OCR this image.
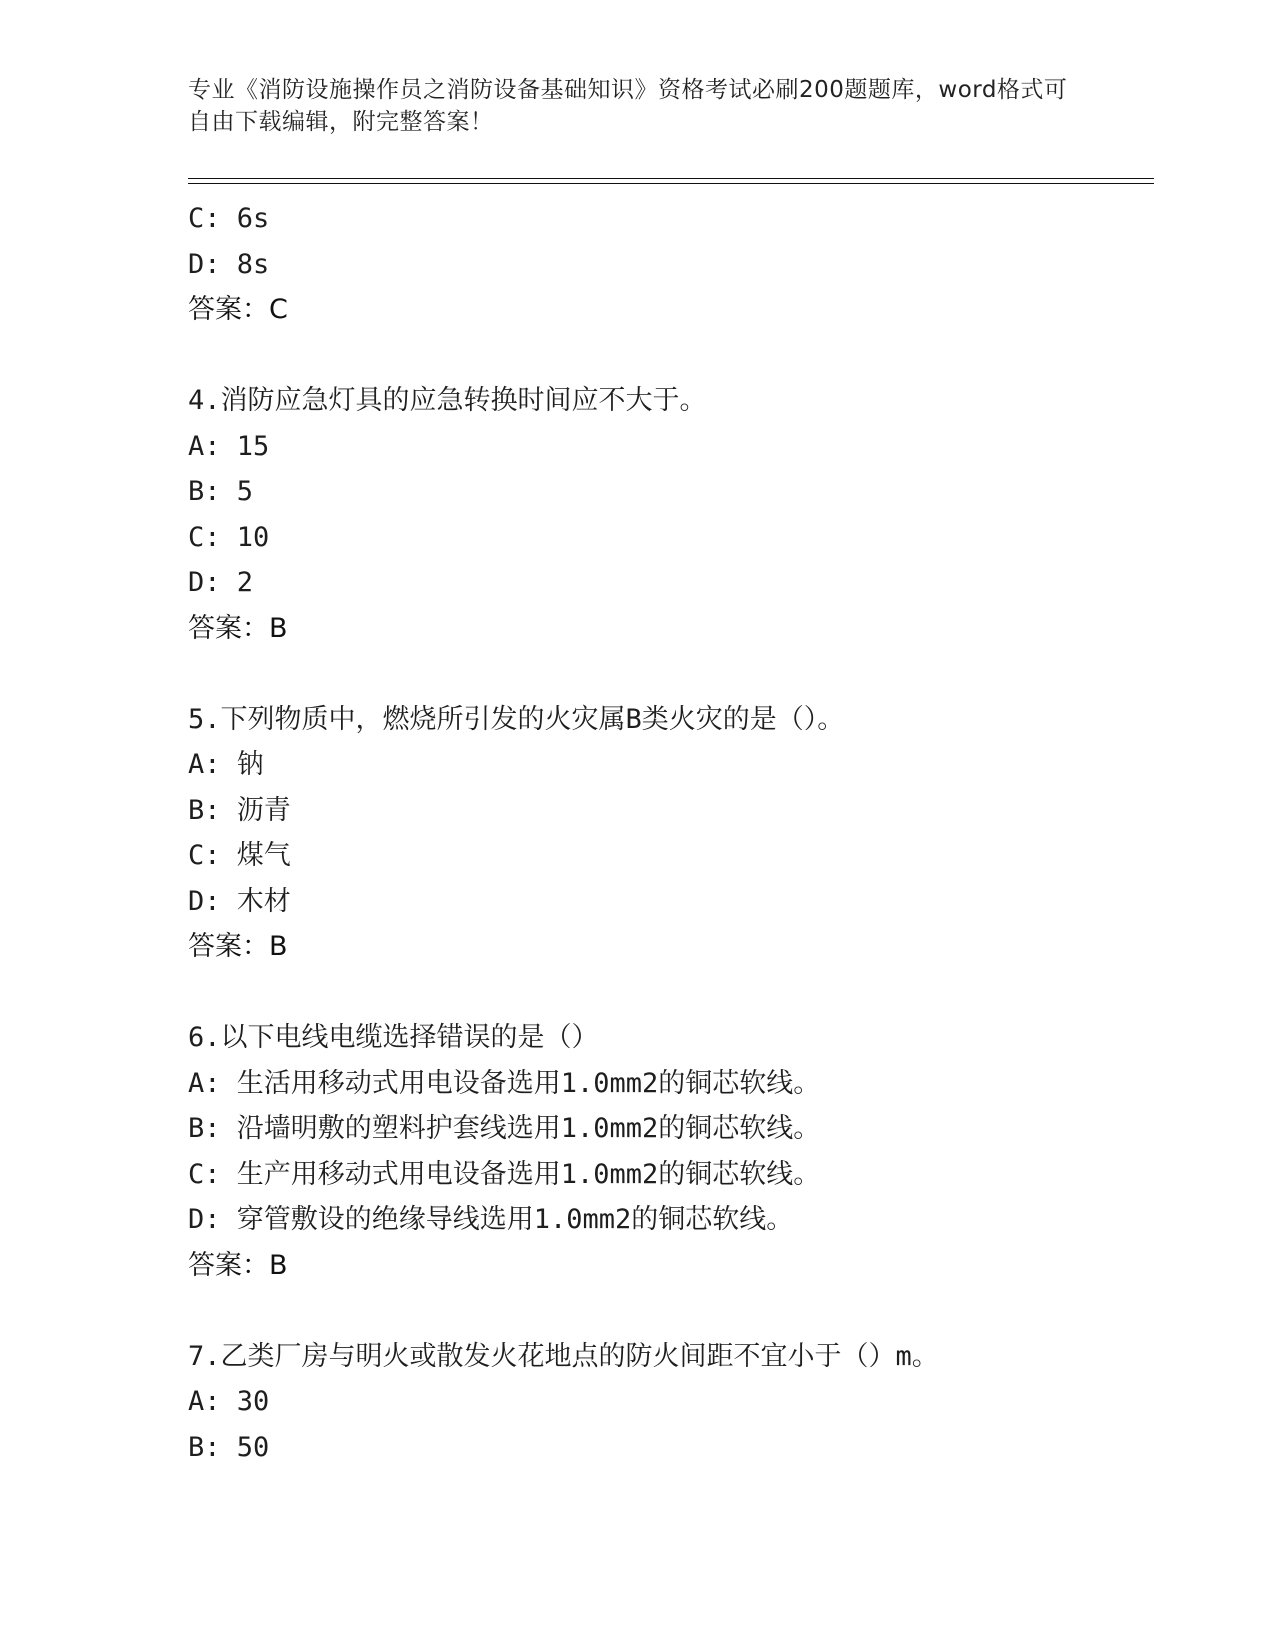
专业《消防设施操作员之消防设备基础知识》资格考试必刷200题题库，word格式可自由下载编辑，附完整答案！
C: 6s
D: 8s
答案：C
4.消防应急灯具的应急转换时间应不大于。
A: 15
B: 5
C: 10
D: 2
答案：B
5.下列物质中，燃烧所引发的火灾属B类火灾的是（）。
A: 钠
B: 沥青
C: 煤气
D: 木材
答案：B
6.以下电线电缆选择错误的是（）
A: 生活用移动式用电设备选用1.0mm2的铜芯软线。
B: 沿墙明敷的塑料护套线选用1.0mm2的铜芯软线。
C: 生产用移动式用电设备选用1.0mm2的铜芯软线。
D: 穿管敷设的绝缘导线选用1.0mm2的铜芯软线。
答案：B
7.乙类厂房与明火或散发火花地点的防火间距不宜小于（）m。
A: 30
B: 50
